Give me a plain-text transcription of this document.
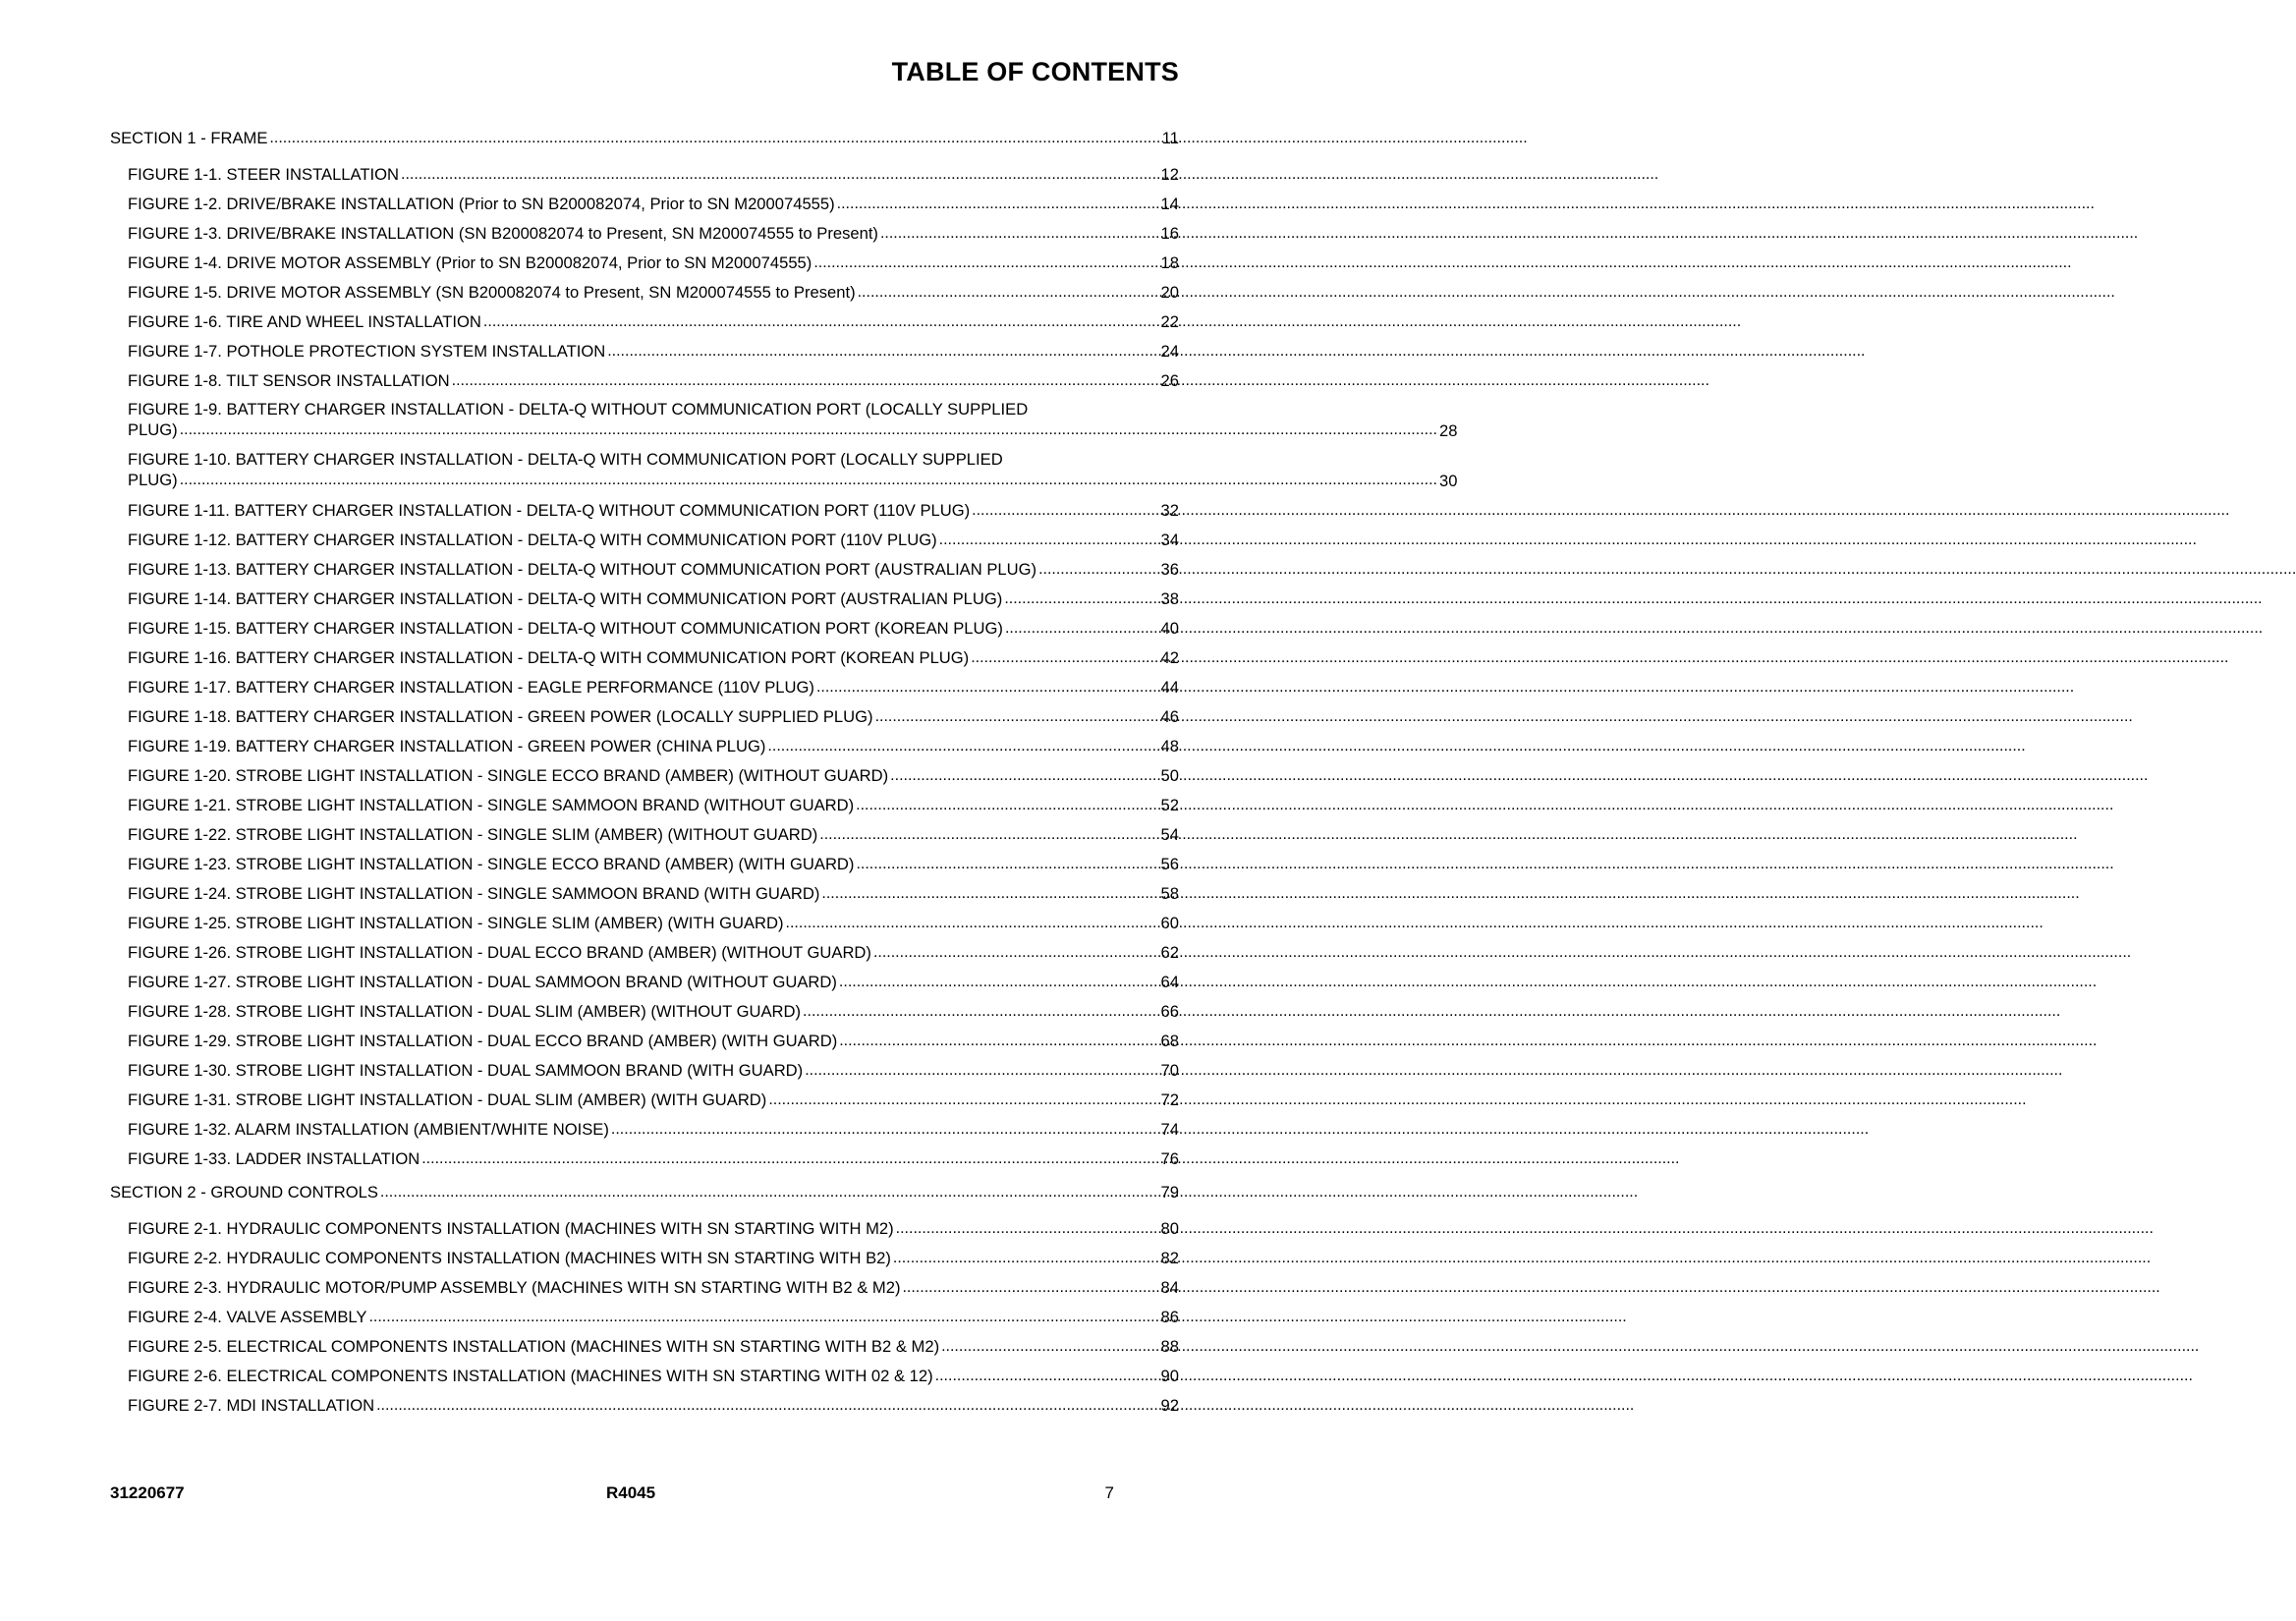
TABLE OF CONTENTS
SECTION 1 - FRAME .....	11
FIGURE 1-1. STEER INSTALLATION .....	12
FIGURE 1-2. DRIVE/BRAKE INSTALLATION (Prior to SN B200082074, Prior to SN M200074555) .....	14
FIGURE 1-3. DRIVE/BRAKE INSTALLATION (SN B200082074 to Present, SN M200074555 to Present) .....	16
FIGURE 1-4. DRIVE MOTOR ASSEMBLY (Prior to SN B200082074, Prior to SN M200074555) .....	18
FIGURE 1-5. DRIVE MOTOR ASSEMBLY (SN B200082074 to Present, SN M200074555 to Present) .....	20
FIGURE 1-6. TIRE AND WHEEL INSTALLATION .....	22
FIGURE 1-7. POTHOLE PROTECTION SYSTEM INSTALLATION .....	24
FIGURE 1-8. TILT SENSOR INSTALLATION .....	26
FIGURE 1-9. BATTERY CHARGER INSTALLATION - DELTA-Q WITHOUT COMMUNICATION PORT (LOCALLY SUPPLIED
PLUG) .....	28
FIGURE 1-10. BATTERY CHARGER INSTALLATION - DELTA-Q WITH COMMUNICATION PORT (LOCALLY SUPPLIED
PLUG) .....	30
FIGURE 1-11. BATTERY CHARGER INSTALLATION - DELTA-Q WITHOUT COMMUNICATION PORT (110V PLUG) .....	32
FIGURE 1-12. BATTERY CHARGER INSTALLATION - DELTA-Q WITH COMMUNICATION PORT (110V PLUG) .....	34
FIGURE 1-13. BATTERY CHARGER INSTALLATION - DELTA-Q WITHOUT COMMUNICATION PORT (AUSTRALIAN PLUG) .....	36
FIGURE 1-14. BATTERY CHARGER INSTALLATION - DELTA-Q WITH COMMUNICATION PORT (AUSTRALIAN PLUG) .....	38
FIGURE 1-15. BATTERY CHARGER INSTALLATION - DELTA-Q WITHOUT COMMUNICATION PORT (KOREAN PLUG) .....	40
FIGURE 1-16. BATTERY CHARGER INSTALLATION - DELTA-Q WITH COMMUNICATION PORT (KOREAN PLUG) .....	42
FIGURE 1-17. BATTERY CHARGER INSTALLATION - EAGLE PERFORMANCE (110V PLUG) .....	44
FIGURE 1-18. BATTERY CHARGER INSTALLATION - GREEN POWER (LOCALLY SUPPLIED PLUG) .....	46
FIGURE 1-19. BATTERY CHARGER INSTALLATION - GREEN POWER (CHINA PLUG) .....	48
FIGURE 1-20. STROBE LIGHT INSTALLATION - SINGLE ECCO BRAND (AMBER) (WITHOUT GUARD) .....	50
FIGURE 1-21. STROBE LIGHT INSTALLATION - SINGLE SAMMOON BRAND (WITHOUT GUARD) .....	52
FIGURE 1-22. STROBE LIGHT INSTALLATION - SINGLE SLIM (AMBER) (WITHOUT GUARD) .....	54
FIGURE 1-23. STROBE LIGHT INSTALLATION - SINGLE ECCO BRAND (AMBER) (WITH GUARD) .....	56
FIGURE 1-24. STROBE LIGHT INSTALLATION - SINGLE SAMMOON BRAND (WITH GUARD) .....	58
FIGURE 1-25. STROBE LIGHT INSTALLATION - SINGLE SLIM (AMBER) (WITH GUARD) .....	60
FIGURE 1-26. STROBE LIGHT INSTALLATION - DUAL ECCO BRAND (AMBER) (WITHOUT GUARD) .....	62
FIGURE 1-27. STROBE LIGHT INSTALLATION - DUAL SAMMOON BRAND (WITHOUT GUARD) .....	64
FIGURE 1-28. STROBE LIGHT INSTALLATION - DUAL SLIM (AMBER) (WITHOUT GUARD) .....	66
FIGURE 1-29. STROBE LIGHT INSTALLATION - DUAL ECCO BRAND (AMBER) (WITH GUARD) .....	68
FIGURE 1-30. STROBE LIGHT INSTALLATION - DUAL SAMMOON BRAND (WITH GUARD) .....	70
FIGURE 1-31. STROBE LIGHT INSTALLATION - DUAL SLIM (AMBER) (WITH GUARD) .....	72
FIGURE 1-32. ALARM INSTALLATION (AMBIENT/WHITE NOISE) .....	74
FIGURE 1-33. LADDER INSTALLATION .....	76
SECTION 2 - GROUND CONTROLS .....	79
FIGURE 2-1. HYDRAULIC COMPONENTS INSTALLATION (MACHINES WITH SN STARTING WITH M2) .....	80
FIGURE 2-2. HYDRAULIC COMPONENTS INSTALLATION (MACHINES WITH SN STARTING WITH B2) .....	82
FIGURE 2-3. HYDRAULIC MOTOR/PUMP ASSEMBLY (MACHINES WITH SN STARTING WITH B2 & M2) .....	84
FIGURE 2-4. VALVE ASSEMBLY .....	86
FIGURE 2-5. ELECTRICAL COMPONENTS INSTALLATION (MACHINES WITH SN STARTING WITH B2 & M2) .....	88
FIGURE 2-6. ELECTRICAL COMPONENTS INSTALLATION (MACHINES WITH SN STARTING WITH 02 & 12) .....	90
FIGURE 2-7. MDI INSTALLATION .....	92
31220677	R4045	7
